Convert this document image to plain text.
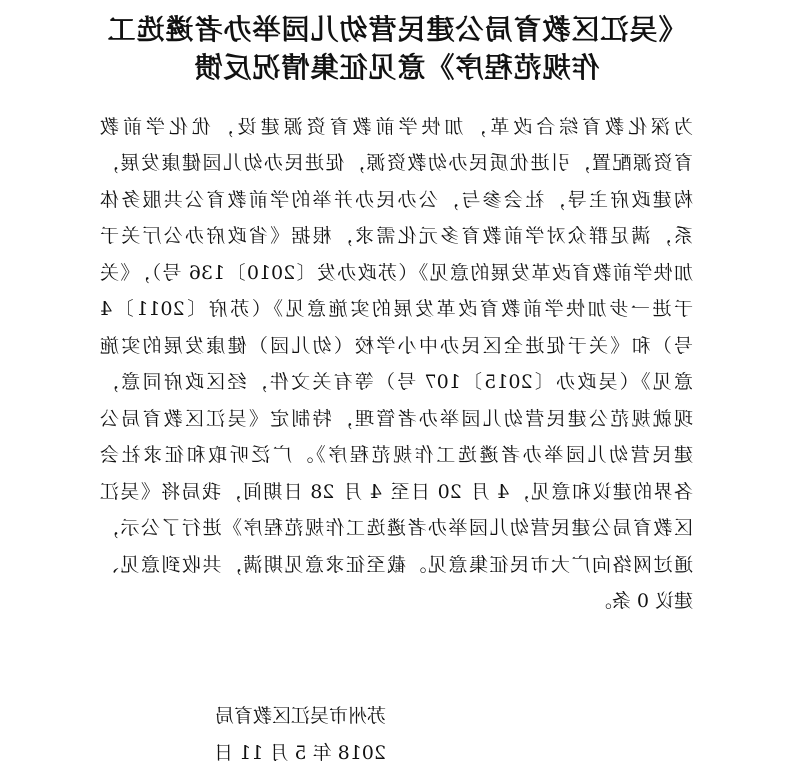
《吴江区教育局公建民营幼儿园举办者遴选工
作规范程序》意见征集情况反馈
为深化教育综合改革，加快学前教育资源建设，优化学前教
育资源配置，引进优质民办幼教资源，促进民办幼儿园健康发展，
构建政府主导，社会参与，公办民办并举的学前教育公共服务体
系，满足群众对学前教育多元化需求，根据《省政府办公厅关于
加快学前教育改革发展的意见》（苏政办发〔2010〕136 号），《关
于进一步加快学前教育改革发展的实施意见》（苏府〔2011〕4
号）和《关于促进全区民办中小学校（幼儿园）健康发展的实施
意见》（吴政办〔2015〕107 号）等有关文件，经区政府同意，
现就规范公建民营幼儿园举办者管理，特制定《吴江区教育局公
建民营幼儿园举办者遴选工作规范程序》。广泛听取和征求社会
各界的建议和意见，4 月 20 日至 4 月 28 日期间，我局将《吴江
区教育局公建民营幼儿园举办者遴选工作规范程序》进行了公示，
通过网络向广大市民征集意见。截至征求意见期满，共收到意见、
建议 0 条。
苏州市吴江区教育局
2018 年 5 月 11 日
